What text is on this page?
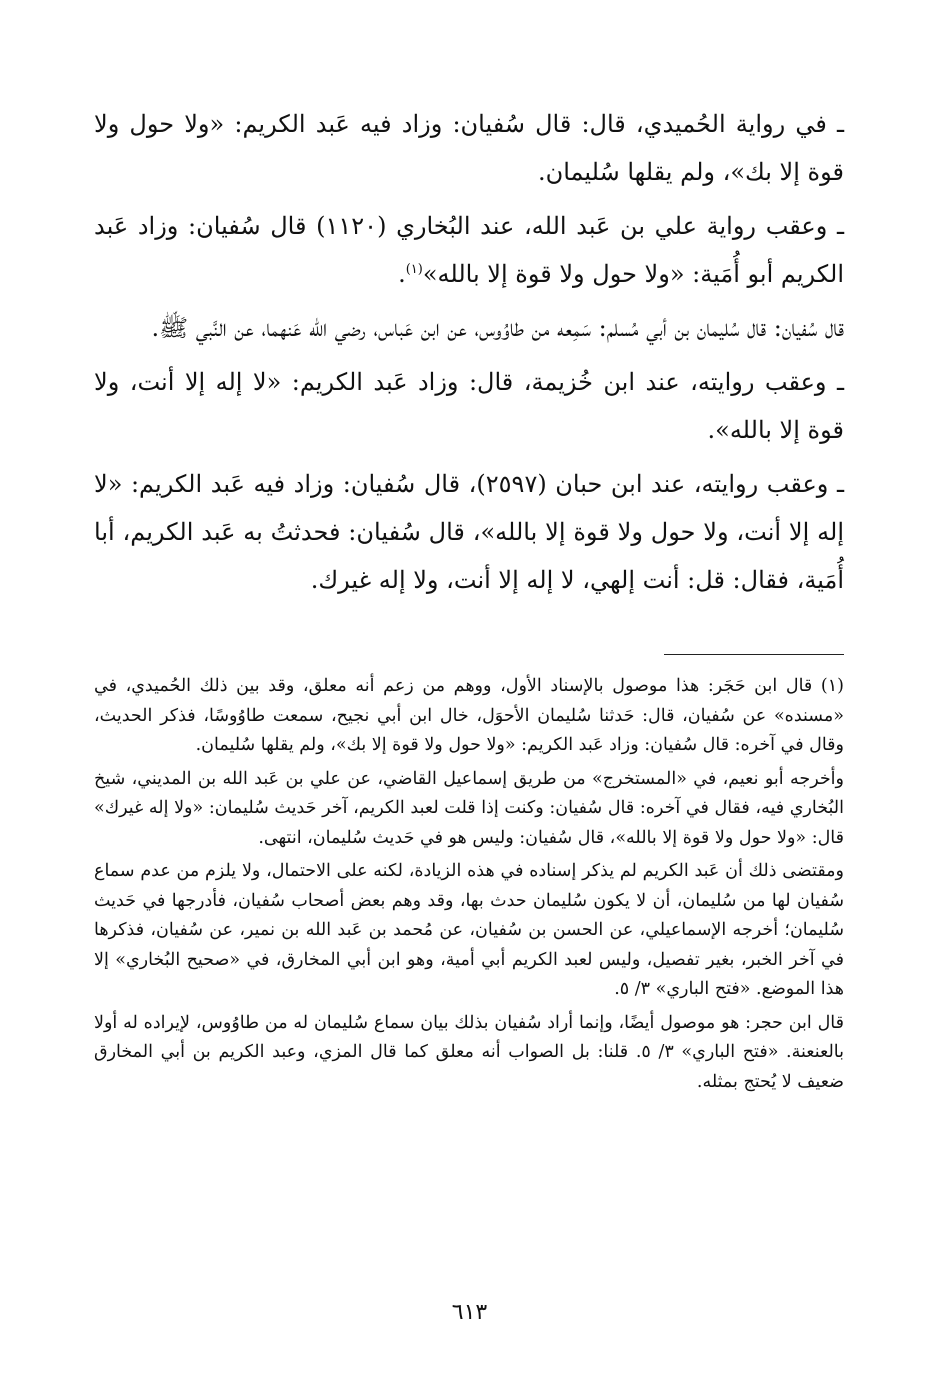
ـ في رواية الحُميدي، قال: قال سُفيان: وزاد فيه عَبد الكريم: «ولا حول ولا قوة إلا بك»، ولم يقلها سُليمان.

ـ وعقب رواية علي بن عَبد الله، عند البُخاري (١١٢٠) قال سُفيان: وزاد عَبد الكريم أبو أُمَية: «ولا حول ولا قوة إلا بالله»$^{(١)}$.

قال سُفيان: قال سُليمان بن أبي مُسلم: سَمِعه من طاوُوس، عن ابن عَباس، رضي الله عَنهما، عن النَّبي ﷺ.

ـ وعقب روايته، عند ابن خُزيمة، قال: وزاد عَبد الكريم: «لا إله إلا أنت، ولا قوة إلا بالله».

ـ وعقب روايته، عند ابن حبان (٢٥٩٧)، قال سُفيان: وزاد فيه عَبد الكريم: «لا إله إلا أنت، ولا حول ولا قوة إلا بالله»، قال سُفيان: فحدثتُ به عَبد الكريم، أبا أُمَية، فقال: قل: أنت إلهي، لا إله إلا أنت، ولا إله غيرك.

(١) قال ابن حَجَر: هذا موصول بالإسناد الأول، ووهم من زعم أنه معلق، وقد بين ذلك الحُميدي، في «مسنده» عن سُفيان، قال: حَدثنا سُليمان الأحوَل، خال ابن أبي نجيح، سمعت طاوُوسًا، فذكر الحديث، وقال في آخره: قال سُفيان: وزاد عَبد الكريم: «ولا حول ولا قوة إلا بك»، ولم يقلها سُليمان.

وأخرجه أبو نعيم، في «المستخرج» من طريق إسماعيل القاضي، عن علي بن عَبد الله بن المديني، شيخ البُخاري فيه، فقال في آخره: قال سُفيان: وكنت إذا قلت لعبد الكريم، آخر حَديث سُليمان: «ولا إله غيرك» قال: «ولا حول ولا قوة إلا بالله»، قال سُفيان: وليس هو في حَديث سُليمان، انتهى.

ومقتضى ذلك أن عَبد الكريم لم يذكر إسناده في هذه الزيادة، لكنه على الاحتمال، ولا يلزم من عدم سماع سُفيان لها من سُليمان، أن لا يكون سُليمان حدث بها، وقد وهم بعض أصحاب سُفيان، فأدرجها في حَديث سُليمان؛ أخرجه الإسماعيلي، عن الحسن بن سُفيان، عن مُحمد بن عَبد الله بن نمير، عن سُفيان، فذكرها في آخر الخبر، بغير تفصيل، وليس لعبد الكريم أبي أمية، وهو ابن أبي المخارق، في «صحيح البُخاري» إلا هذا الموضع. «فتح الباري» ٣/ ٥.

قال ابن حجر: هو موصول أيضًا، وإنما أراد سُفيان بذلك بيان سماع سُليمان له من طاوُوس، لإيراده له أولا بالعنعنة. «فتح الباري» ٣/ ٥. قلنا: بل الصواب أنه معلق كما قال المزي، وعبد الكريم بن أبي المخارق ضعيف لا يُحتج بمثله.

٦١٣
